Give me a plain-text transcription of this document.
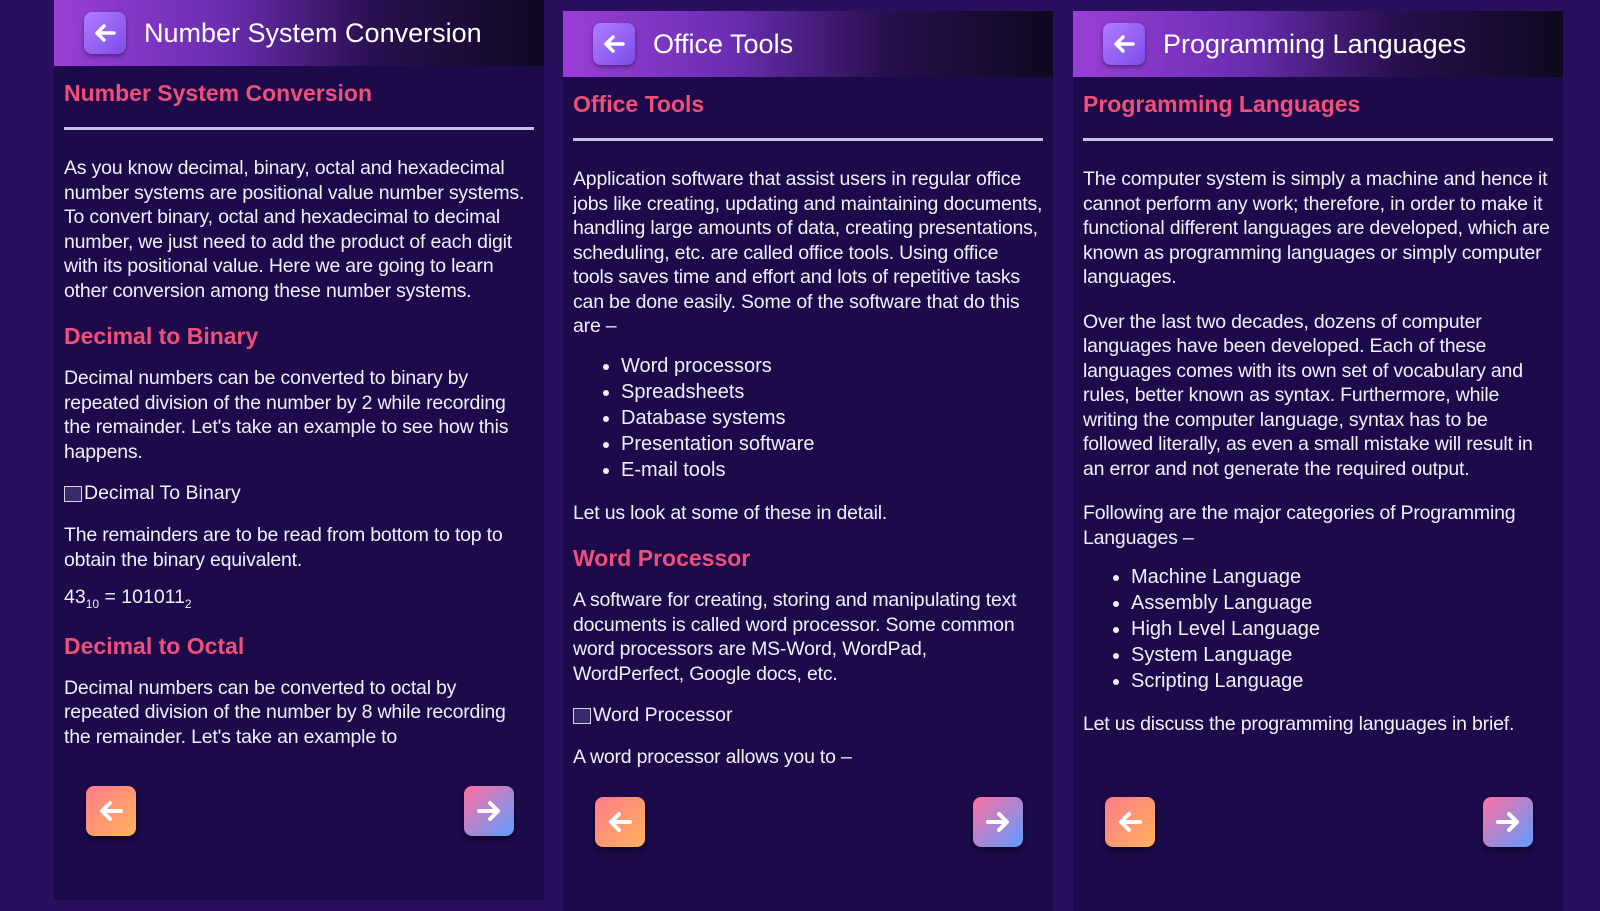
Number System Conversion
Number System Conversion

As you know decimal, binary, octal and hexadecimal number systems are positional value number systems. To convert binary, octal and hexadecimal to decimal number, we just need to add the product of each digit with its positional value. Here we are going to learn other conversion among these number systems.

Decimal to Binary

Decimal numbers can be converted to binary by repeated division of the number by 2 while recording the remainder. Let's take an example to see how this happens.

Decimal To Binary

The remainders are to be read from bottom to top to obtain the binary equivalent.

$43_{10} = 101011_2$
Decimal to Octal

Decimal numbers can be converted to octal by repeated division of the number by 8 while recording the remainder. Let's take an example to

Office Tools
Office Tools

Application software that assist users in regular office jobs like creating, updating and maintaining documents, handling large amounts of data, creating presentations, scheduling, etc. are called office tools. Using office tools saves time and effort and lots of repetitive tasks can be done easily. Some of the software that do this are –

• Word processors
• Spreadsheets
• Database systems
• Presentation software
• E-mail tools

Let us look at some of these in detail.

Word Processor

A software for creating, storing and manipulating text documents is called word processor. Some common word processors are MS-Word, WordPad, WordPerfect, Google docs, etc.

Word Processor

A word processor allows you to –

Programming Languages
Programming Languages

The computer system is simply a machine and hence it cannot perform any work; therefore, in order to make it functional different languages are developed, which are known as programming languages or simply computer languages.

Over the last two decades, dozens of computer languages have been developed. Each of these languages comes with its own set of vocabulary and rules, better known as syntax. Furthermore, while writing the computer language, syntax has to be followed literally, as even a small mistake will result in an error and not generate the required output.

Following are the major categories of Programming Languages –

• Machine Language
• Assembly Language
• High Level Language
• System Language
• Scripting Language

Let us discuss the programming languages in brief.
